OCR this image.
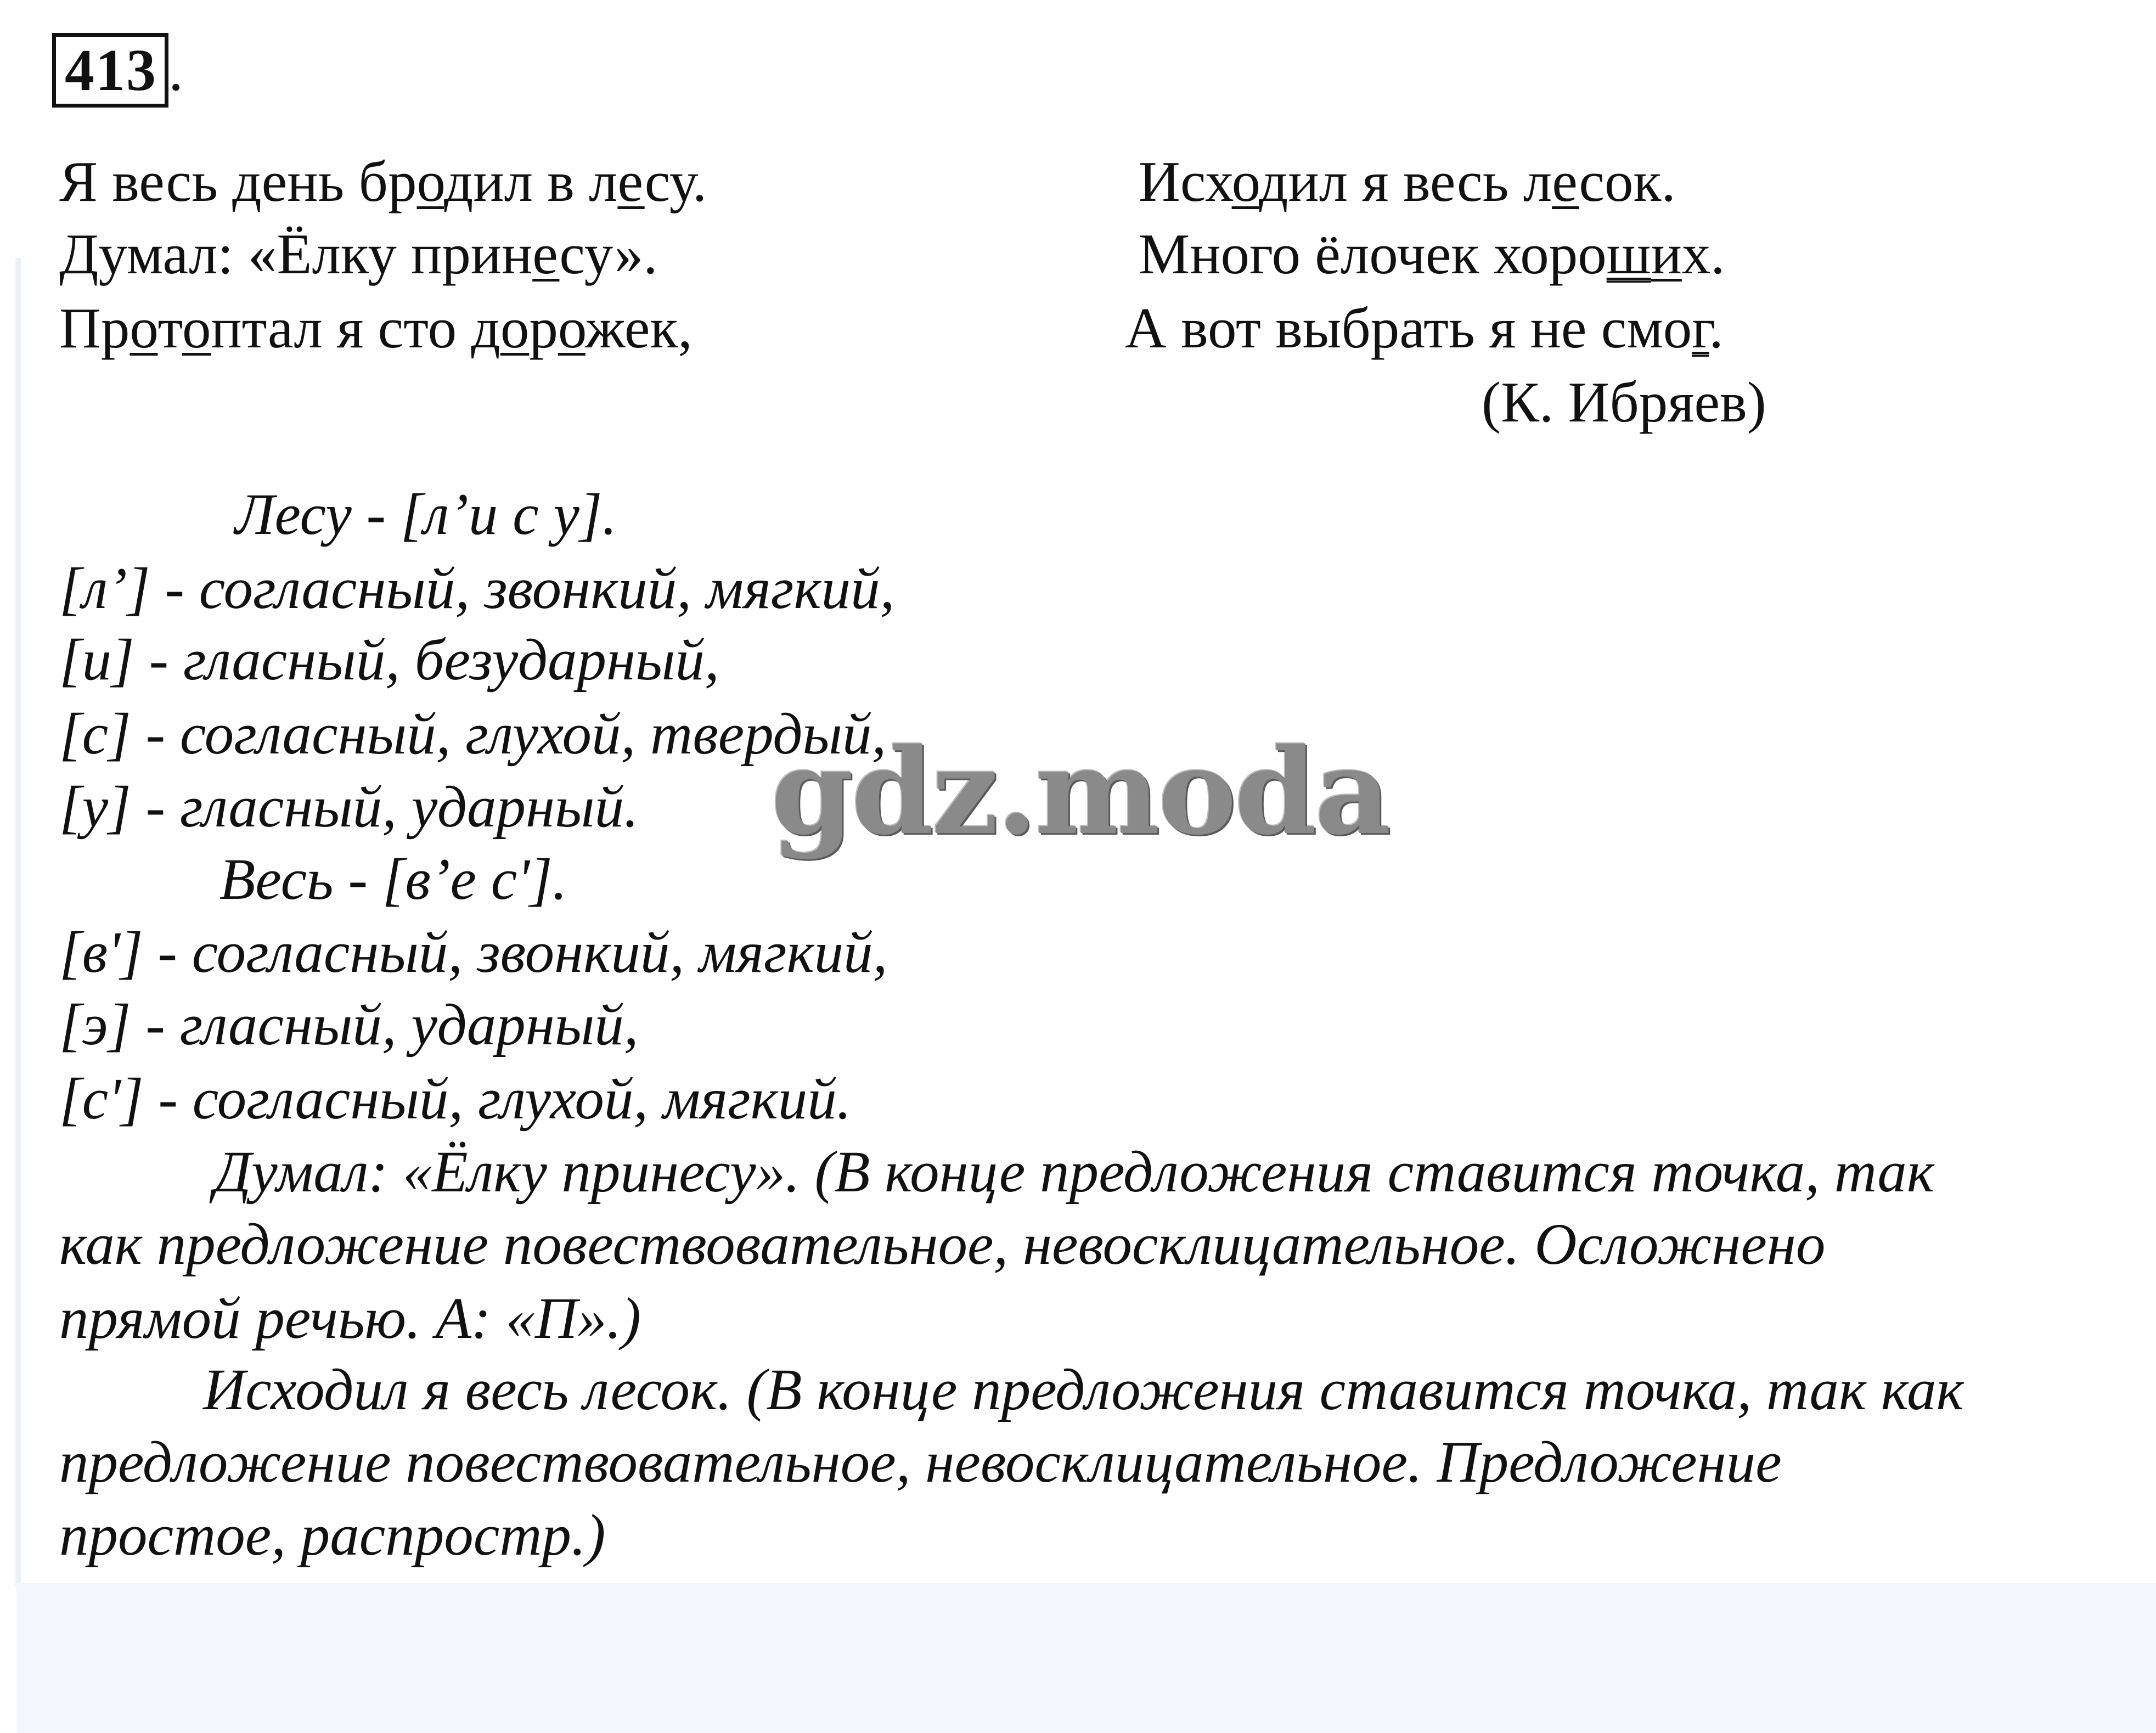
413 .
Я весь день бродил в лесу.
Думал: «Ёлку принесу».
Протоптал я сто дорожек,
Исходил я весь лесок.
Много ёлочек хороших.
А вот выбрать я не смог.
(К. Ибряев)
Лесу - [л’и с у].
[л’] - согласный, звонкий, мягкий,
[и] - гласный, безударный,
[с] - согласный, глухой, твердый,
[у] - гласный, ударный.
Весь - [в’е с'].
[в'] - согласный, звонкий, мягкий,
[э] - гласный, ударный,
[с'] - согласный, глухой, мягкий.
Думал: «Ёлку принесу». (В конце предложения ставится точка, так
как предложение повествовательное, невосклицательное. Осложнено
прямой речью. А: «П».)
Исходил я весь лесок. (В конце предложения ставится точка, так как
предложение повествовательное, невосклицательное. Предложение
простое, распростр.)
gdz.moda
